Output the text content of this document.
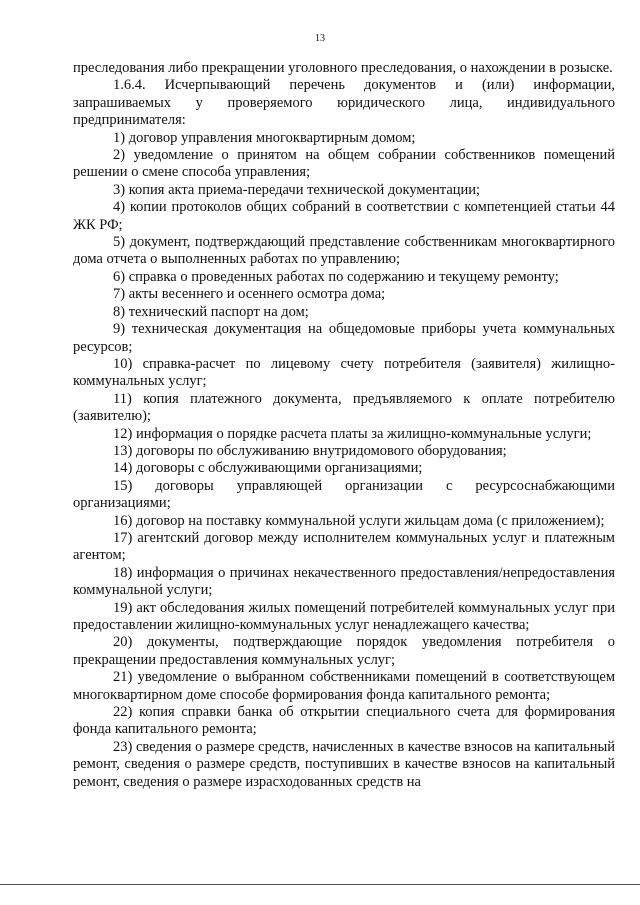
13

преследования либо прекращении уголовного преследования, о нахождении в розыске.

1.6.4. Исчерпывающий перечень документов и (или) информации, запрашиваемых у проверяемого юридического лица, индивидуального предпринимателя:

1) договор управления многоквартирным домом;

2) уведомление о принятом на общем собрании собственников помещений решении о смене способа управления;

3) копия акта приема-передачи технической документации;

4) копии протоколов общих собраний в соответствии с компетенцией статьи 44 ЖК РФ;

5) документ, подтверждающий представление собственникам многоквартирного дома отчета о выполненных работах по управлению;

6) справка о проведенных работах по содержанию и текущему ремонту;

7) акты весеннего и осеннего осмотра дома;

8) технический паспорт на дом;

9) техническая документация на общедомовые приборы учета коммунальных ресурсов;

10) справка-расчет по лицевому счету потребителя (заявителя) жилищно-коммунальных услуг;

11) копия платежного документа, предъявляемого к оплате потребителю (заявителю);

12) информация о порядке расчета платы за жилищно-коммунальные услуги;

13) договоры по обслуживанию внутридомового оборудования;

14) договоры с обслуживающими организациями;

15) договоры управляющей организации с ресурсоснабжающими организациями;

16) договор на поставку коммунальной услуги жильцам дома (с приложением);

17) агентский договор между исполнителем коммунальных услуг и платежным агентом;

18) информация о причинах некачественного предоставления/непредоставления коммунальной услуги;

19) акт обследования жилых помещений потребителей коммунальных услуг при предоставлении жилищно-коммунальных услуг ненадлежащего качества;

20) документы, подтверждающие порядок уведомления потребителя о прекращении предоставления коммунальных услуг;

21) уведомление о выбранном собственниками помещений в соответствующем многоквартирном доме способе формирования фонда капитального ремонта;

22) копия справки банка об открытии специального счета для формирования фонда капитального ремонта;

23) сведения о размере средств, начисленных в качестве взносов на капитальный ремонт, сведения о размере средств, поступивших в качестве взносов на капитальный ремонт, сведения о размере израсходованных средств на
